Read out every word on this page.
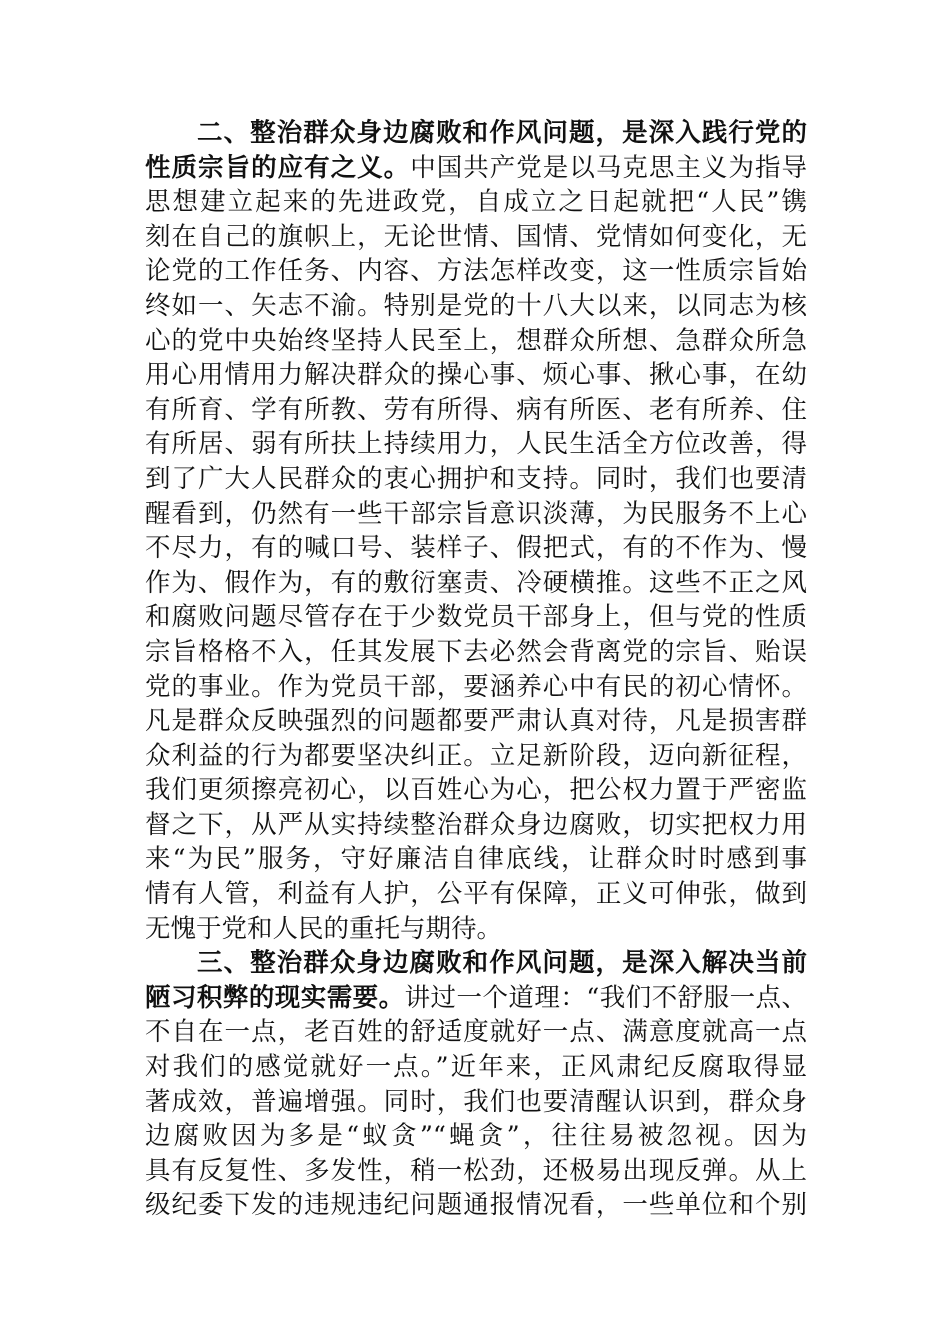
二、整治群众身边腐败和作风问题，是深入践行党的
性质宗旨的应有之义。中国共产党是以马克思主义为指导
思想建立起来的先进政党，自成立之日起就把“人民”镌
刻在自己的旗帜上，无论世情、国情、党情如何变化，无
论党的工作任务、内容、方法怎样改变，这一性质宗旨始
终如一、矢志不渝。特别是党的十八大以来，以同志为核
心的党中央始终坚持人民至上，想群众所想、急群众所急
用心用情用力解决群众的操心事、烦心事、揪心事，在幼
有所育、学有所教、劳有所得、病有所医、老有所养、住
有所居、弱有所扶上持续用力，人民生活全方位改善，得
到了广大人民群众的衷心拥护和支持。同时，我们也要清
醒看到，仍然有一些干部宗旨意识淡薄，为民服务不上心
不尽力，有的喊口号、装样子、假把式，有的不作为、慢
作为、假作为，有的敷衍塞责、冷硬横推。这些不正之风
和腐败问题尽管存在于少数党员干部身上，但与党的性质
宗旨格格不入，任其发展下去必然会背离党的宗旨、贻误
党的事业。作为党员干部，要涵养心中有民的初心情怀。
凡是群众反映强烈的问题都要严肃认真对待，凡是损害群
众利益的行为都要坚决纠正。立足新阶段，迈向新征程，
我们更须擦亮初心，以百姓心为心，把公权力置于严密监
督之下，从严从实持续整治群众身边腐败，切实把权力用
来“为民”服务，守好廉洁自律底线，让群众时时感到事
情有人管，利益有人护，公平有保障，正义可伸张，做到
无愧于党和人民的重托与期待。
三、整治群众身边腐败和作风问题，是深入解决当前
陋习积弊的现实需要。讲过一个道理：“我们不舒服一点、
不自在一点，老百姓的舒适度就好一点、满意度就高一点
对我们的感觉就好一点。”近年来，正风肃纪反腐取得显
著成效，普遍增强。同时，我们也要清醒认识到，群众身
边腐败因为多是“蚁贪”“蝇贪”，往往易被忽视。因为
具有反复性、多发性，稍一松劲，还极易出现反弹。从上
级纪委下发的违规违纪问题通报情况看，一些单位和个别
